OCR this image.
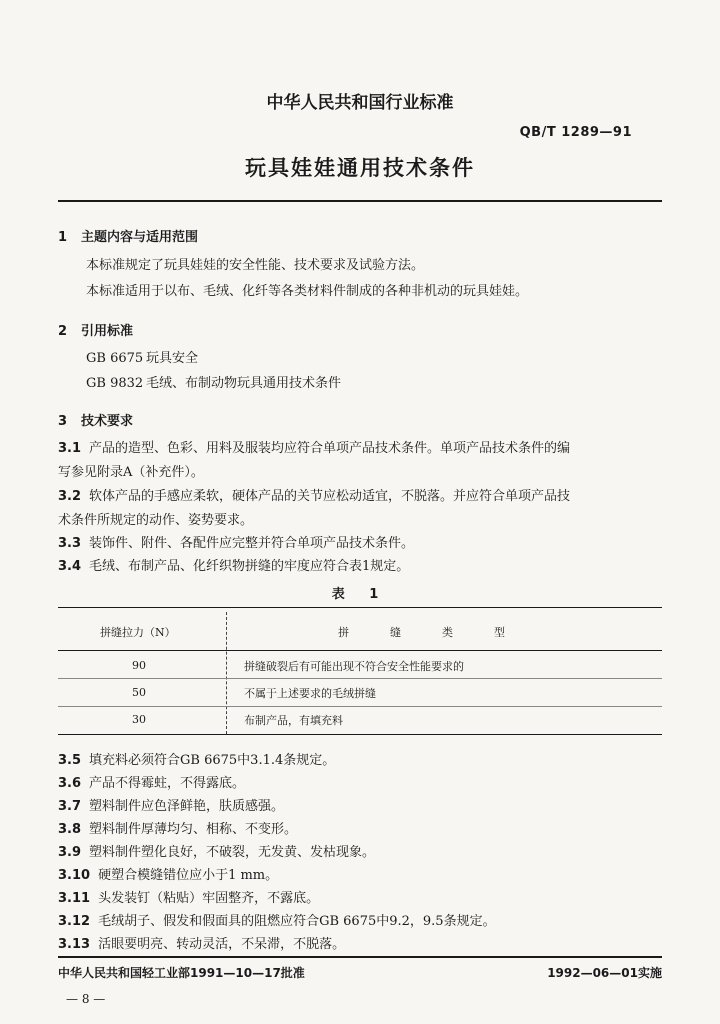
中华人民共和国行业标准
QB/T 1289—91
玩具娃娃通用技术条件
1 主题内容与适用范围
本标准规定了玩具娃娃的安全性能、技术要求及试验方法。
本标准适用于以布、毛绒、化纤等各类材料件制成的各种非机动的玩具娃娃。
2 引用标准
GB 6675 玩具安全
GB 9832 毛绒、布制动物玩具通用技术条件
3 技术要求
3.1 产品的造型、色彩、用料及服装均应符合单项产品技术条件。单项产品技术条件的编
写参见附录A（补充件）。
3.2 软体产品的手感应柔软，硬体产品的关节应松动适宜，不脱落。并应符合单项产品技
术条件所规定的动作、姿势要求。
3.3 装饰件、附件、各配件应完整并符合单项产品技术条件。
3.4 毛绒、布制产品、化纤织物拼缝的牢度应符合表1规定。
表 1
拼缝拉力（N）	拼　　　缝　　　类　　　型
90	拼缝破裂后有可能出现不符合安全性能要求的
50	不属于上述要求的毛绒拼缝
30	布制产品，有填充料
3.5 填充料必须符合GB 6675中3.1.4条规定。
3.6 产品不得霉蛀，不得露底。
3.7 塑料制件应色泽鲜艳，肤质感强。
3.8 塑料制件厚薄均匀、相称、不变形。
3.9 塑料制件塑化良好，不破裂，无发黄、发枯现象。
3.10 硬塑合模缝错位应小于1 mm。
3.11 头发装钉（粘贴）牢固整齐，不露底。
3.12 毛绒胡子、假发和假面具的阻燃应符合GB 6675中9.2，9.5条规定。
3.13 活眼要明亮、转动灵活，不呆滞，不脱落。
中华人民共和国轻工业部1991—10—17批准	1992—06—01实施
— 8 —
